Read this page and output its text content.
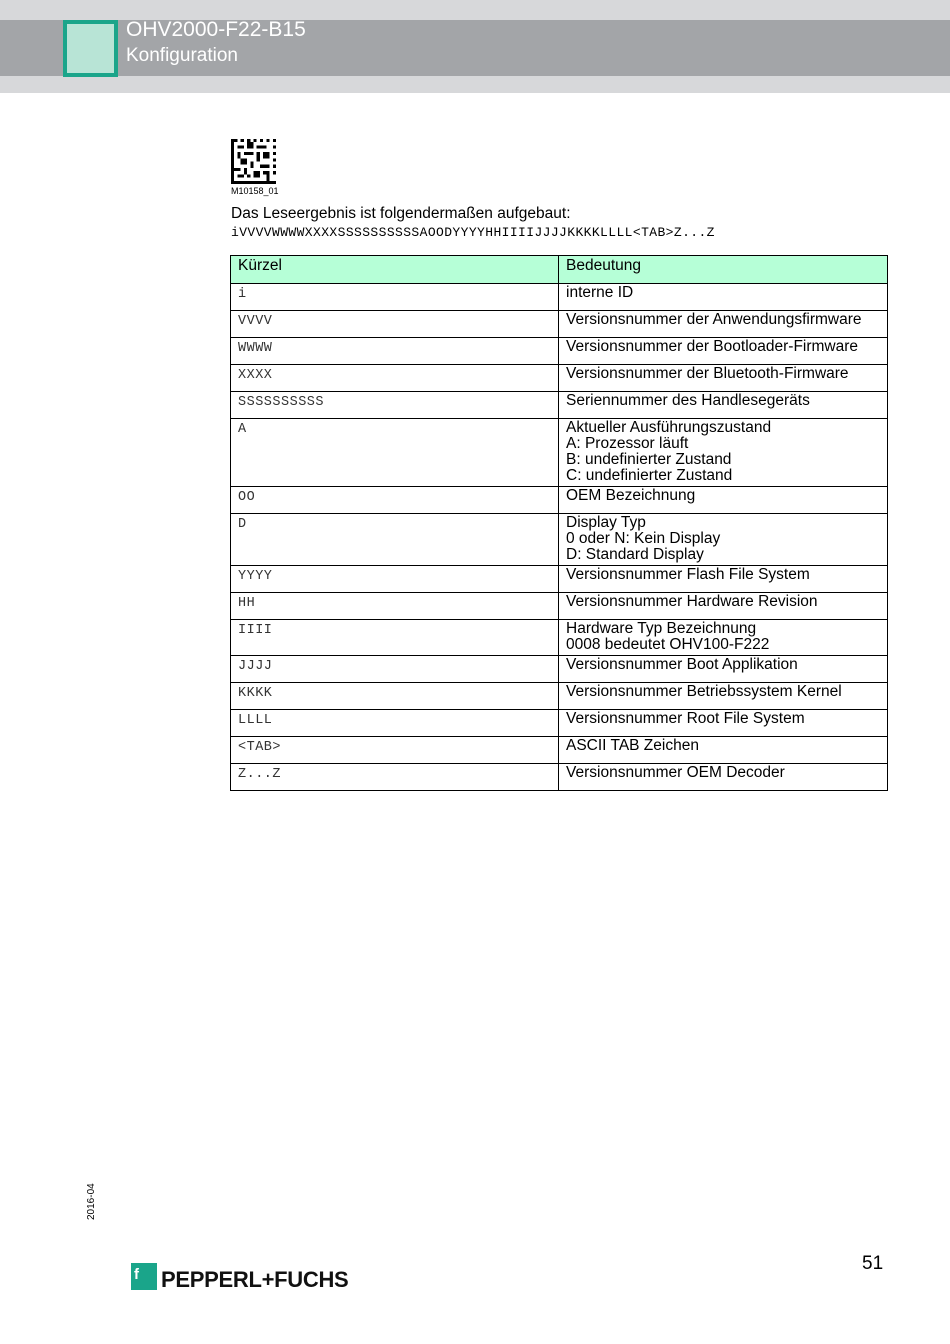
OHV2000-F22-B15
Konfiguration
M10158_01
Das Leseergebnis ist folgendermaßen aufgebaut:
iVVVVWWWWXXXXSSSSSSSSSSAOODYYYYHHIIIIJJJJKKKKLLLL<TAB>Z...Z
Kürzel	Bedeutung
i	interne ID

VVVV	Versionsnummer der Anwendungsfirmware

WWWW	Versionsnummer der Bootloader-Firmware

XXXX	Versionsnummer der Bluetooth-Firmware

SSSSSSSSSS	Seriennummer des Handlesegeräts

A	Aktueller Ausführungszustand
A: Prozessor läuft
B: undefinierter Zustand
C: undefinierter Zustand

OO	OEM Bezeichnung

D	Display Typ
0 oder N: Kein Display
D: Standard Display

YYYY	Versionsnummer Flash File System

HH	Versionsnummer Hardware Revision

IIII	Hardware Typ Bezeichnung
0008 bedeutet OHV100-F222

JJJJ	Versionsnummer Boot Applikation

KKKK	Versionsnummer Betriebssystem Kernel

LLLL	Versionsnummer Root File System

<TAB>	ASCII TAB Zeichen

Z...Z	Versionsnummer OEM Decoder
2016-04
f PEPPERL+FUCHS
51
